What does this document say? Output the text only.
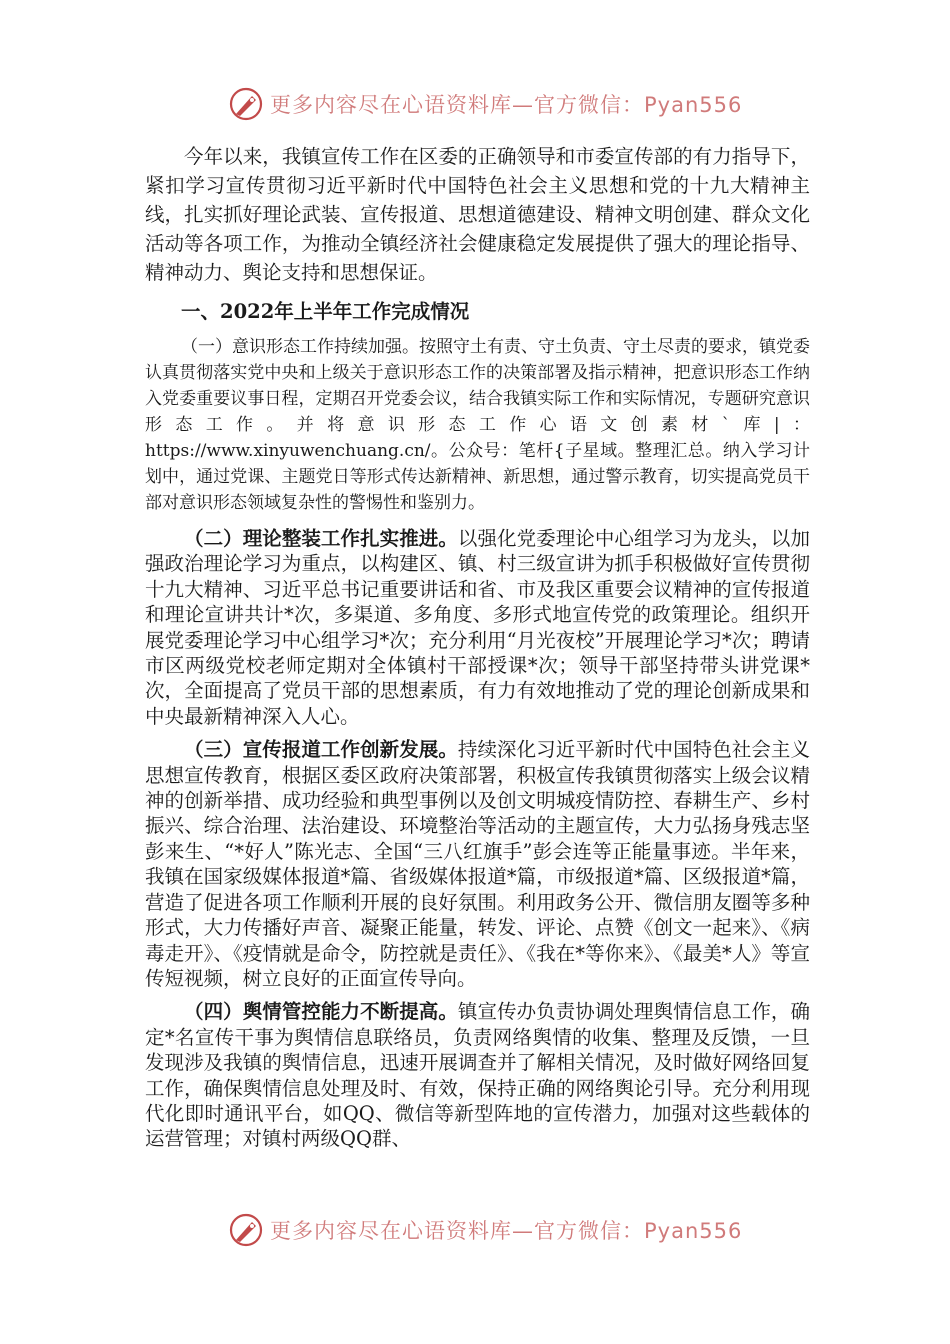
更多内容尽在心语资料库—官方微信：Pyan556

今年以来，我镇宣传工作在区委的正确领导和市委宣传部的有力指导下，紧扣学习宣传贯彻习近平新时代中国特色社会主义思想和党的十九大精神主线，扎实抓好理论武装、宣传报道、思想道德建设、精神文明创建、群众文化活动等各项工作，为推动全镇经济社会健康稳定发展提供了强大的理论指导、精神动力、舆论支持和思想保证。

一、2022年上半年工作完成情况

（一）意识形态工作持续加强。按照守土有责、守土负责、守土尽责的要求，镇党委认真贯彻落实党中央和上级关于意识形态工作的决策部署及指示精神，把意识形态工作纳入党委重要议事日程，定期召开党委会议，结合我镇实际工作和实际情况，专题研究意识形态工作。并将意识形态工作心语文创素材`库|：https://www.xinyuwenchuang.cn/。公众号：笔杆{子星域。整理汇总。纳入学习计划中，通过党课、主题党日等形式传达新精神、新思想，通过警示教育，切实提高党员干部对意识形态领域复杂性的警惕性和鉴别力。

（二）理论整装工作扎实推进。以强化党委理论中心组学习为龙头，以加强政治理论学习为重点，以构建区、镇、村三级宣讲为抓手积极做好宣传贯彻十九大精神、习近平总书记重要讲话和省、市及我区重要会议精神的宣传报道和理论宣讲共计*次，多渠道、多角度、多形式地宣传党的政策理论。组织开展党委理论学习中心组学习*次；充分利用“月光夜校”开展理论学习*次；聘请市区两级党校老师定期对全体镇村干部授课*次；领导干部坚持带头讲党课*次，全面提高了党员干部的思想素质，有力有效地推动了党的理论创新成果和中央最新精神深入人心。

（三）宣传报道工作创新发展。持续深化习近平新时代中国特色社会主义思想宣传教育，根据区委区政府决策部署，积极宣传我镇贯彻落实上级会议精神的创新举措、成功经验和典型事例以及创文明城疫情防控、春耕生产、乡村振兴、综合治理、法治建设、环境整治等活动的主题宣传，大力弘扬身残志坚彭来生、“*好人”陈光志、全国“三八红旗手”彭会连等正能量事迹。半年来，我镇在国家级媒体报道*篇、省级媒体报道*篇，市级报道*篇、区级报道*篇，营造了促进各项工作顺利开展的良好氛围。利用政务公开、微信朋友圈等多种形式，大力传播好声音、凝聚正能量，转发、评论、点赞《创文一起来》、《病毒走开》、《疫情就是命令，防控就是责任》、《我在*等你来》、《最美*人》等宣传短视频，树立良好的正面宣传导向。

（四）舆情管控能力不断提高。镇宣传办负责协调处理舆情信息工作，确定*名宣传干事为舆情信息联络员，负责网络舆情的收集、整理及反馈，一旦发现涉及我镇的舆情信息，迅速开展调查并了解相关情况，及时做好网络回复工作，确保舆情信息处理及时、有效，保持正确的网络舆论引导。充分利用现代化即时通讯平台，如QQ、微信等新型阵地的宣传潜力，加强对这些载体的运营管理；对镇村两级QQ群、

更多内容尽在心语资料库—官方微信：Pyan556
